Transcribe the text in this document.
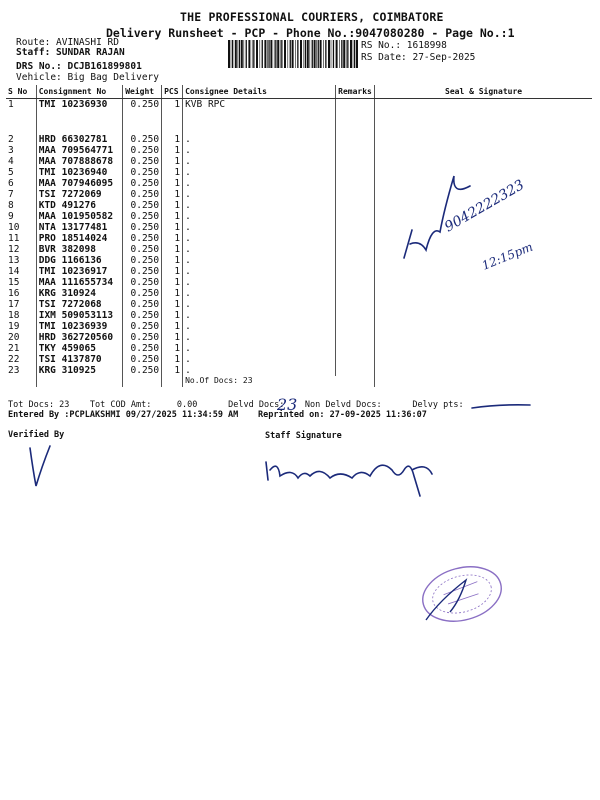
THE PROFESSIONAL COURIERS, COIMBATORE
Delivery Runsheet - PCP - Phone No.:9047080280 - Page No.:1
Route: AVINASHI RD
Staff: SUNDAR RAJAN
DRS No.: DCJB161899801
Vehicle: Big Bag Delivery
RS No.: 1618998
RS Date: 27-Sep-2025
S No	Consignment No	Weight	PCS	Consignee Details	Remarks	Seal & Signature
1	TMI 10236930	0.250	1	KVB RPC		
2	HRD 66302781	0.250	1	.		
3	MAA 709564771	0.250	1	.		
4	MAA 707888678	0.250	1	.		
5	TMI 10236940	0.250	1	.		
6	MAA 707946095	0.250	1	.		
7	TSI 7272069	0.250	1	.		
8	KTD 491276	0.250	1	.		
9	MAA 101950582	0.250	1	.		
10	NTA 13177481	0.250	1	.		
11	PRO 18514024	0.250	1	.		
12	BVR 382098	0.250	1	.		
13	DDG 1166136	0.250	1	.		
14	TMI 10236917	0.250	1	.		
15	MAA 111655734	0.250	1	.		
16	KRG 310924	0.250	1	.		
17	TSI 7272068	0.250	1	.		
18	IXM 509053113	0.250	1	.		
19	TMI 10236939	0.250	1	.		
20	HRD 362720560	0.250	1	.		
21	TKY 459065	0.250	1	.		
22	TSI 4137870	0.250	1	.		
23	KRG 310925	0.250	1	.		
				No.Of Docs: 23		
Tot Docs: 23 Tot COD Amt:	0.00	Delvd Docs: Non Delvd Docs:	Delvy pts:
Entered By :PCPLAKSHMI 09/27/2025 11:34:59 AM Reprinted on: 27-09-2025 11:36:07
Verified By	Staff Signature
23
9042222323
12:15pm
